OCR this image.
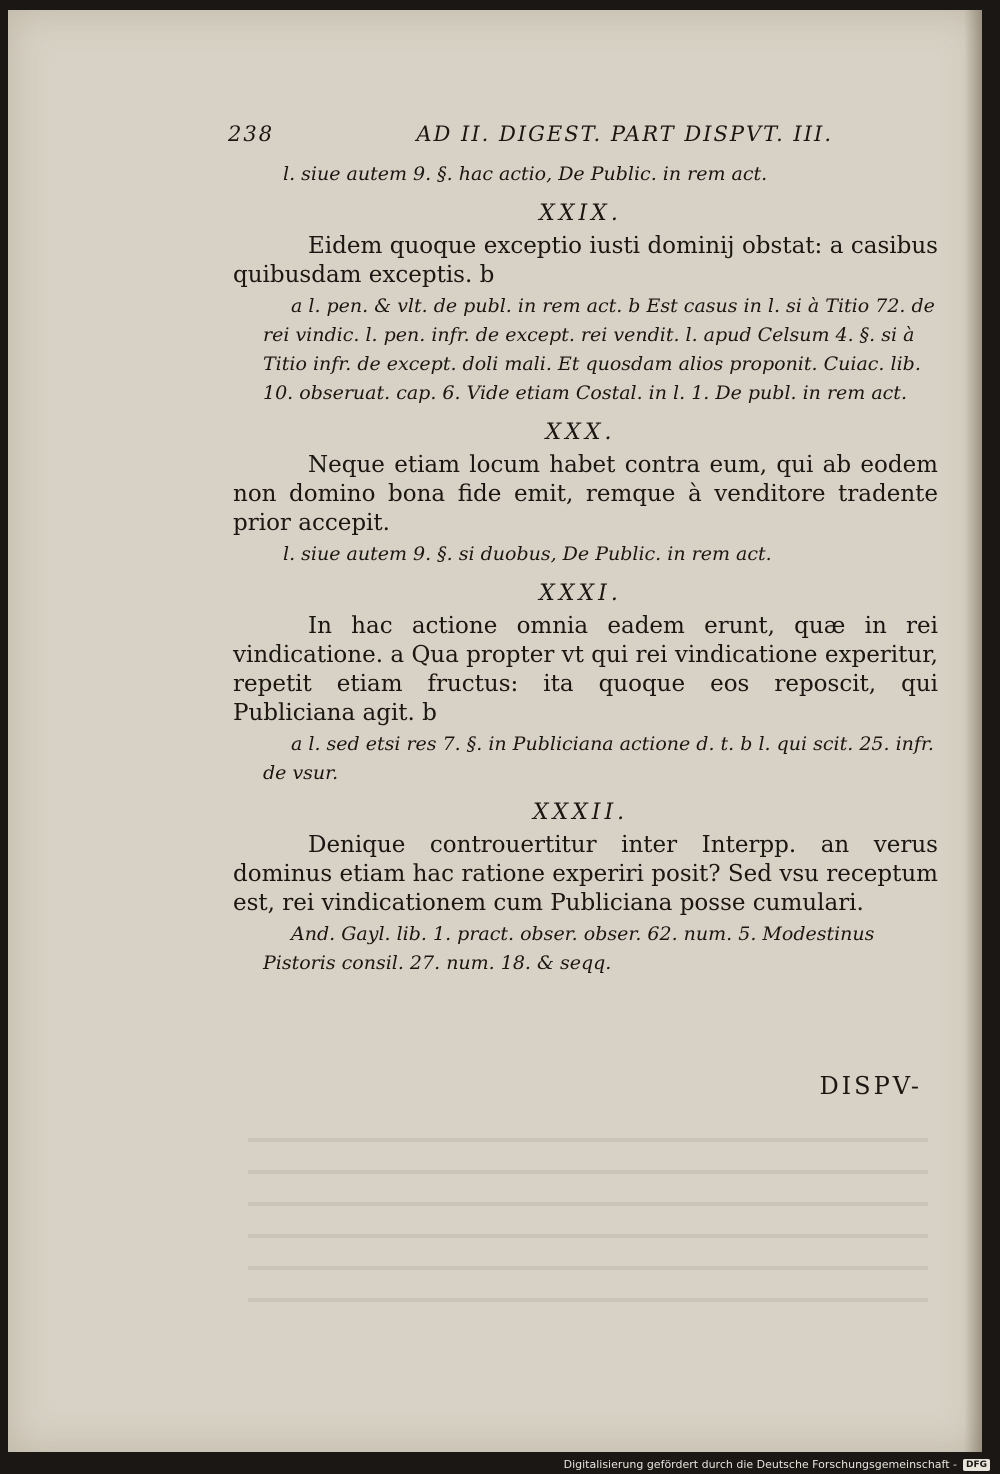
238	AD II. DIGEST. PART DISPVT. III.

l. siue autem 9. §. hac actio, De Public. in rem act.

XXIX.

Eidem quoque exceptio iusti dominij obstat: a casibus quibusdam exceptis. b

a l. pen. & vlt. de publ. in rem act. b Est casus in l. si à Titio 72. de rei vindic. l. pen. infr. de except. rei vendit. l. apud Celsum 4. §. si à Titio infr. de except. doli mali. Et quosdam alios proponit. Cuiac. lib. 10. obseruat. cap. 6. Vide etiam Costal. in l. 1. De publ. in rem act.

XXX.

Neque etiam locum habet contra eum, qui ab eodem non domino bona fide emit, remque à venditore tradente prior accepit.

l. siue autem 9. §. si duobus, De Public. in rem act.

XXXI.

In hac actione omnia eadem erunt, quæ in rei vindicatione. a Qua propter vt qui rei vindicatione experitur, repetit etiam fructus: ita quoque eos reposcit, qui Publiciana agit. b

a l. sed etsi res 7. §. in Publiciana actione d. t. b l. qui scit. 25. infr. de vsur.

XXXII.

Denique controuertitur inter Interpp. an verus dominus etiam hac ratione experiri posit? Sed vsu receptum est, rei vindicationem cum Publiciana posse cumulari.

And. Gayl. lib. 1. pract. obser. obser. 62. num. 5. Modestinus Pistoris consil. 27. num. 18. & seqq.

DISPV-
Digitalisierung gefördert durch die Deutsche Forschungsgemeinschaft -	DFG
